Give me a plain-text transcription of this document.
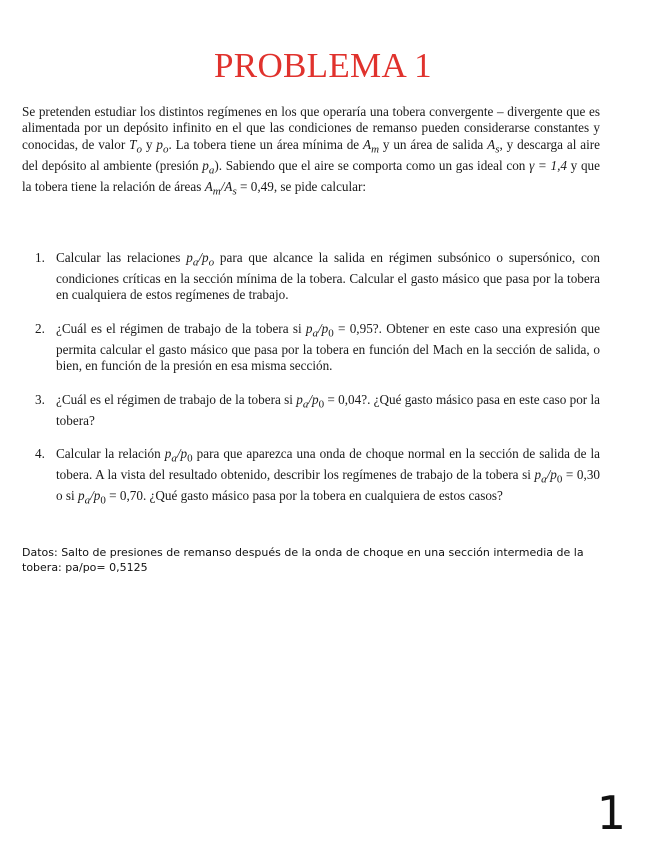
PROBLEMA 1

Se pretenden estudiar los distintos regímenes en los que operaría una tobera convergente – divergente que es alimentada por un depósito infinito en el que las condiciones de remanso pueden considerarse constantes y conocidas, de valor $T_o$ y $p_o$. La tobera tiene un área mínima de $A_m$ y un área de salida $A_s$, y descarga al aire del depósito al ambiente (presión $p_a$). Sabiendo que el aire se comporta como un gas ideal con γ = 1,4 y que la tobera tiene la relación de áreas $A_m/A_s = 0,49$, se pide calcular:

1. Calcular las relaciones $p_a/p_o$ para que alcance la salida en régimen subsónico o supersónico, con condiciones críticas en la sección mínima de la tobera. Calcular el gasto másico que pasa por la tobera en cualquiera de estos regímenes de trabajo.
2. ¿Cuál es el régimen de trabajo de la tobera si $p_a/p_0 = 0,95$?. Obtener en este caso una expresión que permita calcular el gasto másico que pasa por la tobera en función del Mach en la sección de salida, o bien, en función de la presión en esa misma sección.
3. ¿Cuál es el régimen de trabajo de la tobera si $p_a/p_0 = 0,04$?. ¿Qué gasto másico pasa en este caso por la tobera?
4. Calcular la relación $p_a/p_0$ para que aparezca una onda de choque normal en la sección de salida de la tobera. A la vista del resultado obtenido, describir los regímenes de trabajo de la tobera si $p_a/p_0 = 0,30$ o si $p_a/p_0 = 0,70$. ¿Qué gasto másico pasa por la tobera en cualquiera de estos casos?
Datos: Salto de presiones de remanso después de la onda de choque en una sección intermedia de la tobera: pa/po= 0,5125
1
